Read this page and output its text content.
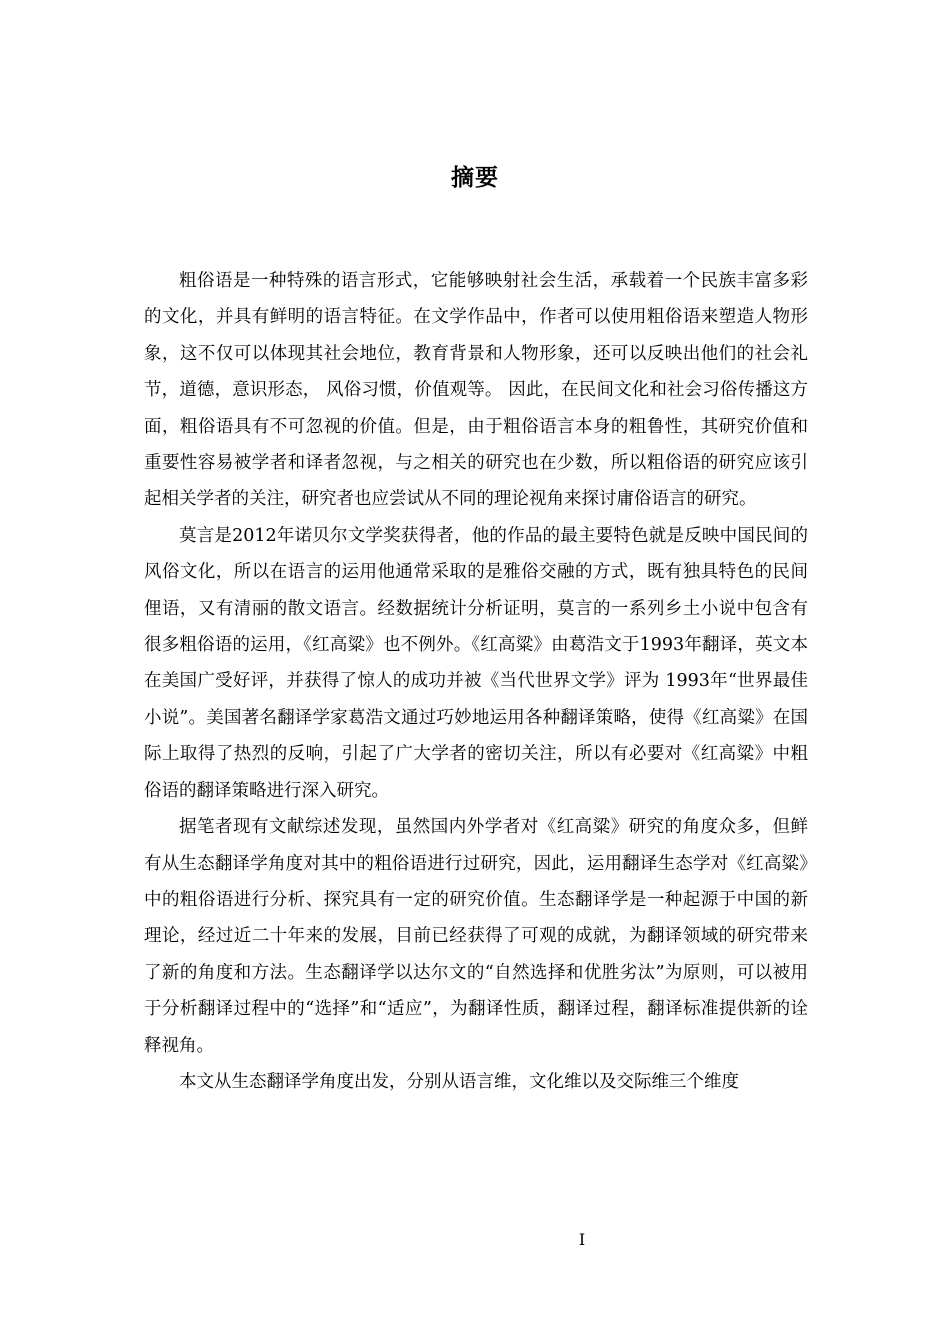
摘要

粗俗语是一种特殊的语言形式，它能够映射社会生活，承载着一个民族丰富多彩的文化，并具有鲜明的语言特征。在文学作品中，作者可以使用粗俗语来塑造人物形象，这不仅可以体现其社会地位，教育背景和人物形象，还可以反映出他们的社会礼节，道德，意识形态， 风俗习惯，价值观等。 因此，在民间文化和社会习俗传播这方面，粗俗语具有不可忽视的价值。但是，由于粗俗语言本身的粗鲁性，其研究价值和重要性容易被学者和译者忽视，与之相关的研究也在少数，所以粗俗语的研究应该引起相关学者的关注，研究者也应尝试从不同的理论视角来探讨庸俗语言的研究。

莫言是2012年诺贝尔文学奖获得者，他的作品的最主要特色就是反映中国民间的风俗文化，所以在语言的运用他通常采取的是雅俗交融的方式，既有独具特色的民间俚语，又有清丽的散文语言。经数据统计分析证明，莫言的一系列乡土小说中包含有很多粗俗语的运用，《红高粱》也不例外。《红高粱》由葛浩文于1993年翻译，英文本在美国广受好评，并获得了惊人的成功并被《当代世界文学》评为 1993年“世界最佳小说”。美国著名翻译学家葛浩文通过巧妙地运用各种翻译策略，使得《红高粱》在国际上取得了热烈的反响，引起了广大学者的密切关注，所以有必要对《红高粱》中粗俗语的翻译策略进行深入研究。

据笔者现有文献综述发现，虽然国内外学者对《红高粱》研究的角度众多，但鲜有从生态翻译学角度对其中的粗俗语进行过研究，因此，运用翻译生态学对《红高粱》中的粗俗语进行分析、探究具有一定的研究价值。生态翻译学是一种起源于中国的新理论，经过近二十年来的发展，目前已经获得了可观的成就，为翻译领域的研究带来了新的角度和方法。生态翻译学以达尔文的“自然选择和优胜劣汰”为原则，可以被用于分析翻译过程中的“选择”和“适应”，为翻译性质，翻译过程，翻译标准提供新的诠释视角。

本文从生态翻译学角度出发，分别从语言维，文化维以及交际维三个维度

I
